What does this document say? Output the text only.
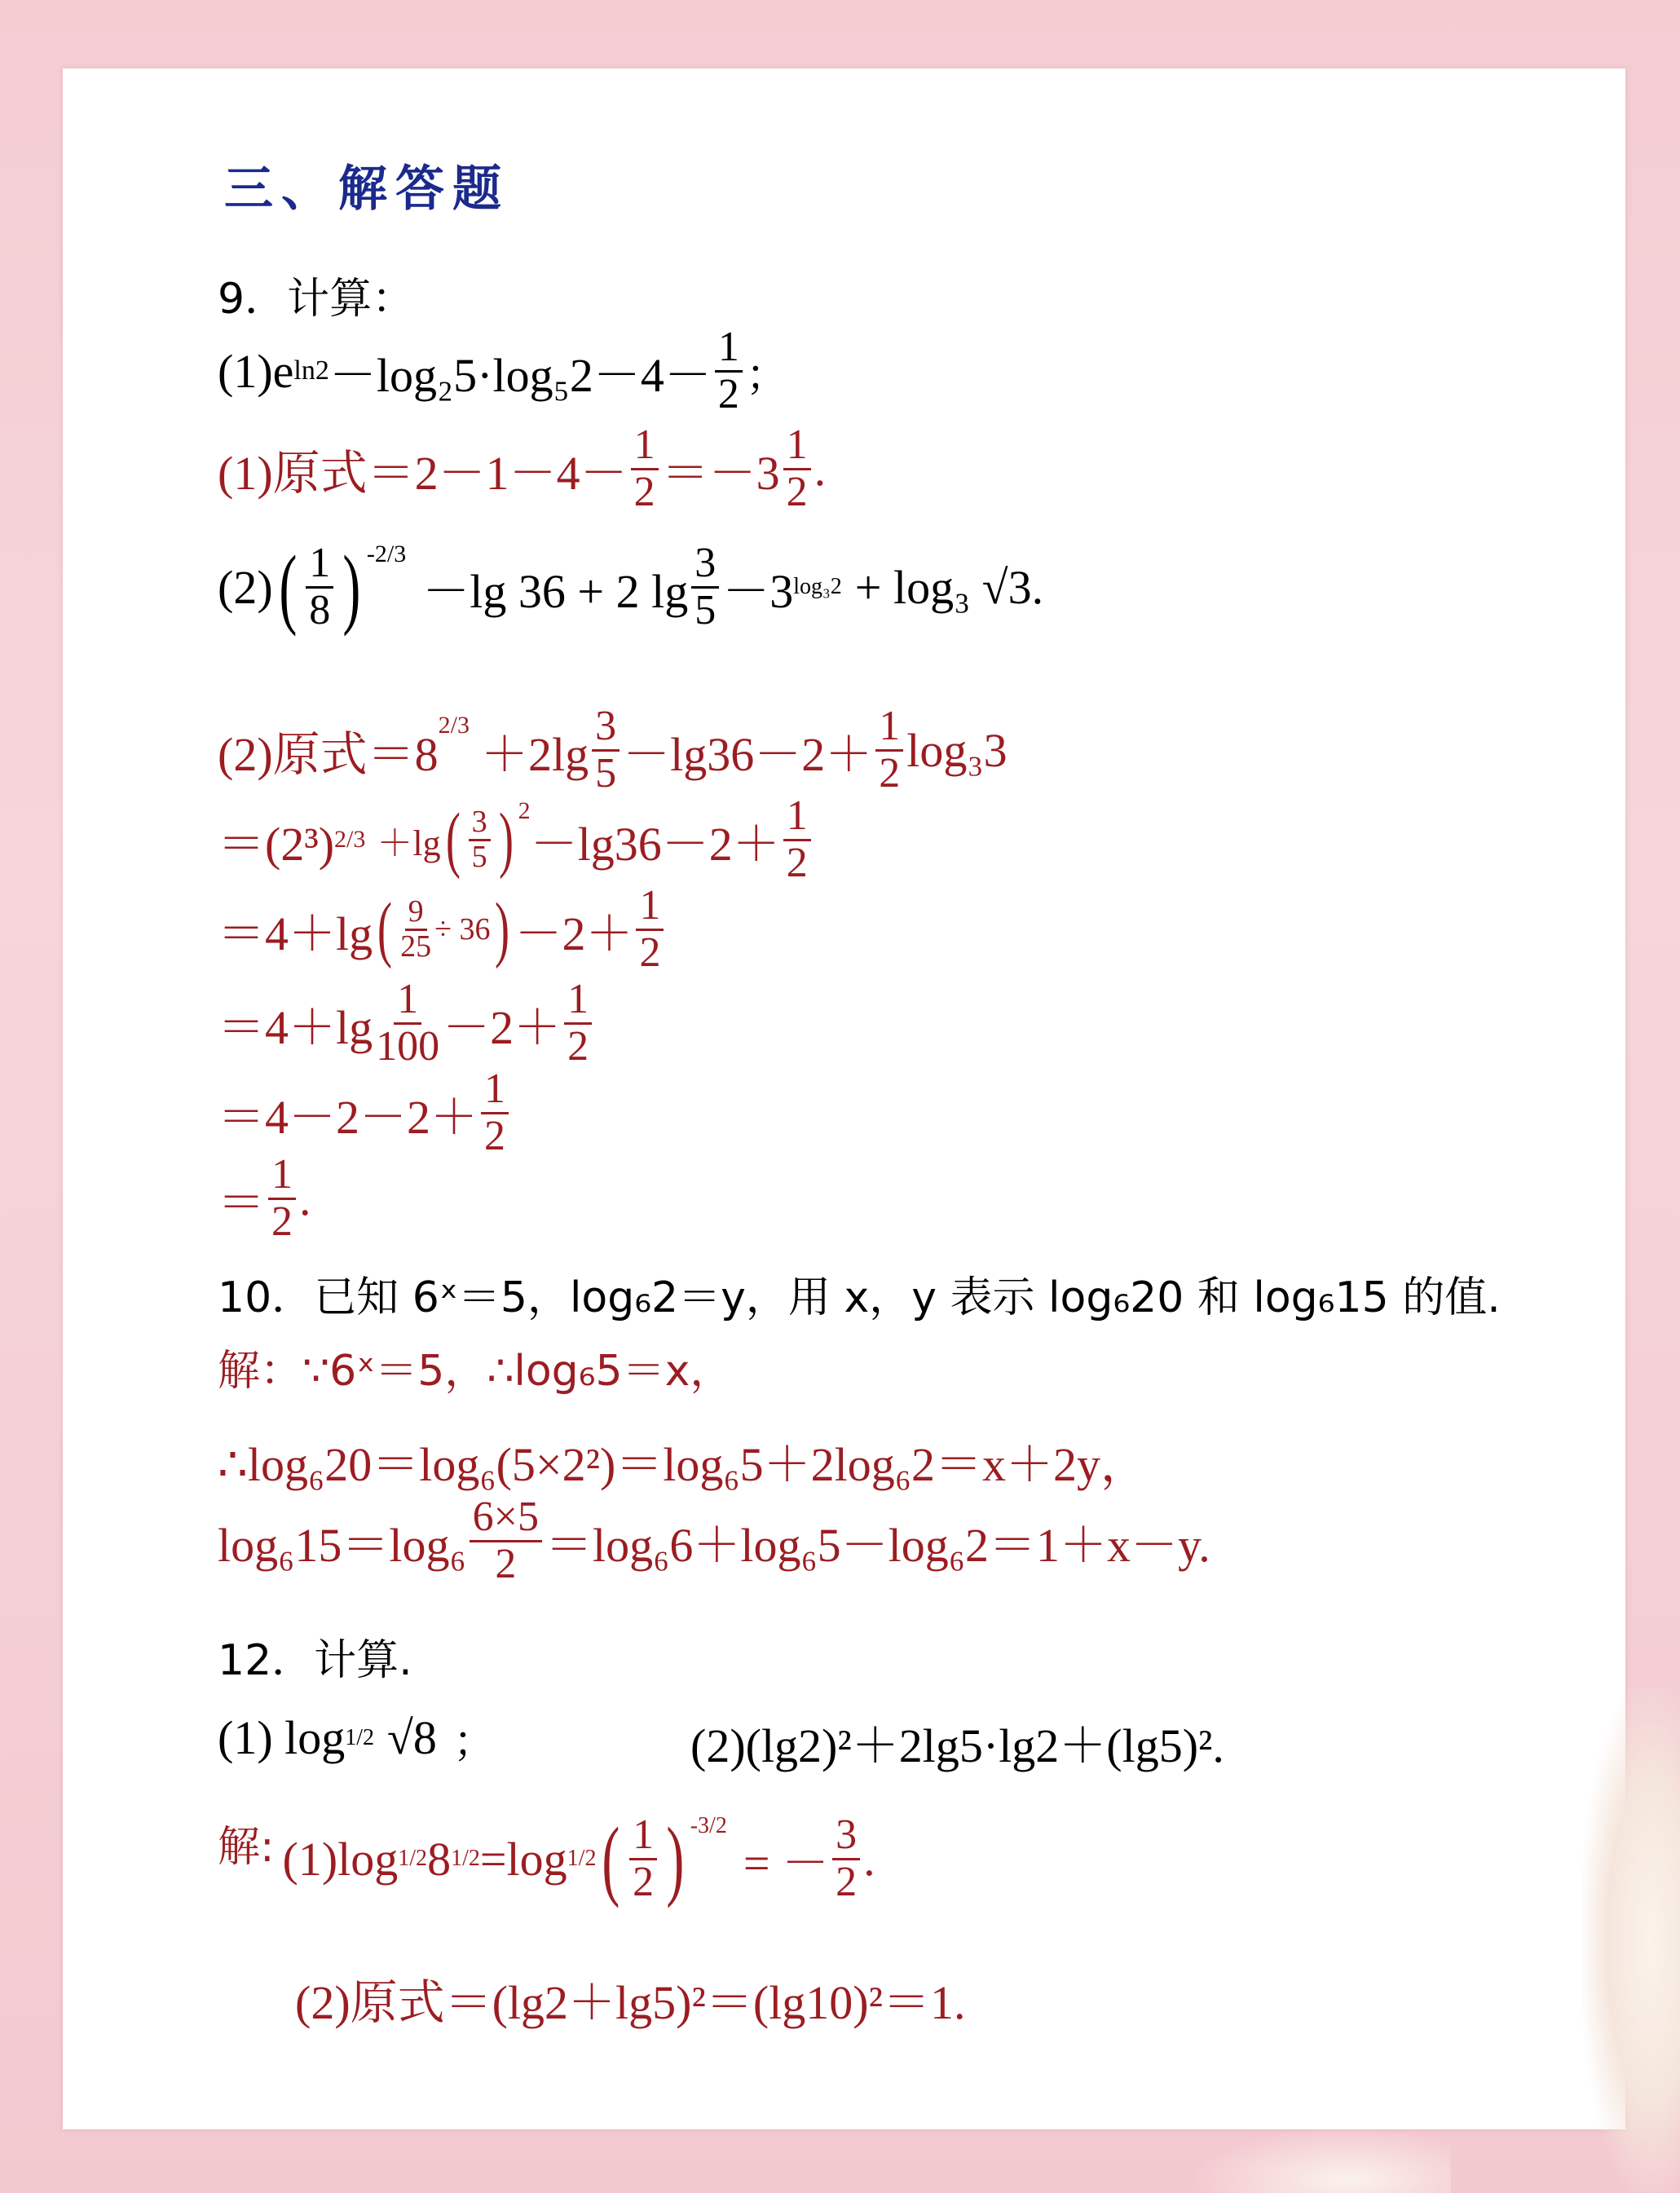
三、解答题
9．计算：
(1)e $\ln 2 -\log_25\cdot\log_52-4- \frac{1}{2}$ ；
(1)原式$=2-1-4- \frac{1}{2} =-3 \frac{1}{2}$ .
(2) ( $\frac{1}{8}$ ) -2/3
－lg 36 + 2 $\lg \frac{3}{5} -3$ log₃2 + log₃ √3.
(2)原式＝8
2/3
$+2\lg \frac{3}{5} -\lg 36-2+ \frac{1}{2} \log_33$
＝(2³) 2/3 ＋lg ( $\frac{3}{5}$ ) 2
$-\lg 36-2+ \frac{1}{2}$
＝4＋lg ( $\frac{9}{25} \div 36$ ) $-2+ \frac{1}{2}$
$=4+\lg \frac{1}{100} -2+ \frac{1}{2}$
$=4-2-2+ \frac{1}{2}$
＝ $\frac{1}{2}$ .
10．已知 6ˣ＝5，log₆2＝y，用 x，y 表示 log₆20 和 log₆15 的值.
解：∵6ˣ＝5，∴log₆5＝x，
∴log₆20＝log₆(5×2²)＝log₆5＋2log₆2＝x＋2y，
$\log_615=\log_6 \frac{6\times 5}{2} =\log_66+\log_65-\log_62=1+x-y$.
12．计算.
(1) log 1/2 √8 ；	(2)(lg2)²＋2lg5·lg2＋(lg5)².
解: (1)log 1/2 8 1/2 =log 1/2 ( $\frac{1}{2}$ ) -3/2
= － $\frac{3}{2}$ .
(2)原式＝(lg2＋lg5)²＝(lg10)²＝1.
